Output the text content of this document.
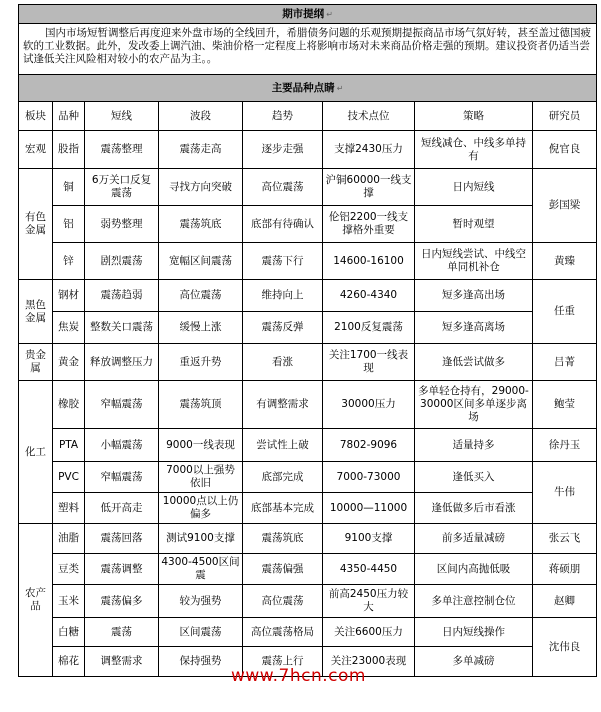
期市提纲 ↵							
国内市场短暂调整后再度迎来外盘市场的全线回升，希腊债务问题的乐观预期提振商品市场气氛好转，甚至盖过德国疲软的工业数据。此外，发改委上调汽油、柴油价格一定程度上将影响市场对未来商品价格走强的预期。建议投资者仍适当尝试逢低关注风险相对较小的农产品为主。。							
主要品种点睛 ↵							
板块	品种	短线	波段	趋势	技术点位	策略	研究员
宏观	股指	震荡整理	震荡走高	逐步走强	支撑2430压力	短线减仓、中线多单持有	倪官良
有色金属	铜	6万关口反复震荡	寻找方向突破	高位震荡	沪铜60000一线支撑	日内短线	彭国梁
	铝	弱势整理	震荡筑底	底部有待确认	伦铝2200一线支撑格外重要	暂时观望	
	锌	剧烈震荡	宽幅区间震荡	震荡下行	14600-16100	日内短线尝试、中线空单同机补仓	黄臻
黑色金属	钢材	震荡趋弱	高位震荡	维持向上	4260-4340	短多逢高出场	任重
	焦炭	整数关口震荡	缓慢上涨	震荡反弹	2100反复震荡	短多逢高离场	
贵金属	黄金	释放调整压力	重返升势	看涨	关注1700一线表现	逢低尝试做多	吕菁
化工	橡胶	窄幅震荡	震荡筑顶	有调整需求	30000压力	多单轻仓持有，29000-30000区间多单逐步离场	鲍莹
	PTA	小幅震荡	9000一线表现	尝试性上破	7802-9096	适量持多	徐丹玉
	PVC	窄幅震荡	7000以上强势依旧	底部完成	7000-73000	逢低买入	牛伟
	塑料	低开高走	10000点以上仍偏多	底部基本完成	10000—11000	逢低做多后市看涨	
农产品	油脂	震荡回落	测试9100支撑	震荡筑底	9100支撑	前多适量减磅	张云飞
	豆类	震荡调整	4300-4500区间震	震荡偏强	4350-4450	区间内高抛低吸	蒋硕朋
	玉米	震荡偏多	较为强势	高位震荡	前高2450压力较大	多单注意控制仓位	赵卿
	白糖	震荡	区间震荡	高位震荡格局	关注6600压力	日内短线操作	沈伟良
	棉花	调整需求	保持强势	震荡上行	关注23000表现	多单减磅	
www.7hcn.com
